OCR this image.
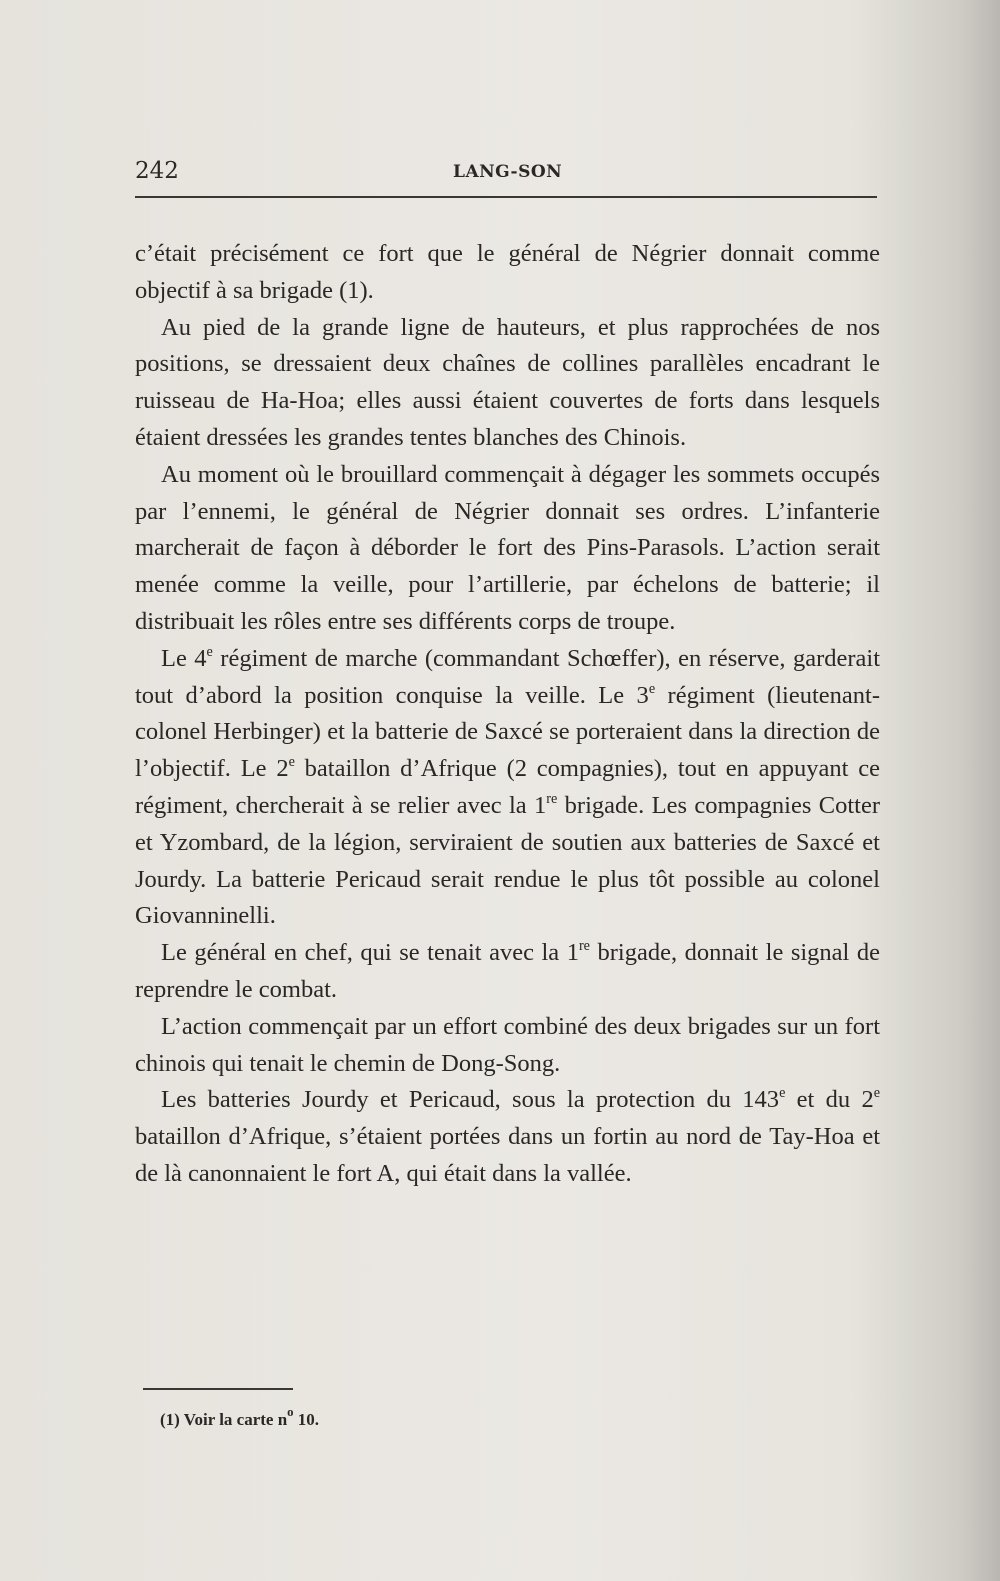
242	LANG-SON

c’était précisément ce fort que le général de Négrier donnait comme objectif à sa brigade (1).

Au pied de la grande ligne de hauteurs, et plus rapprochées de nos positions, se dressaient deux chaînes de collines parallèles encadrant le ruisseau de Ha-Hoa; elles aussi étaient couvertes de forts dans lesquels étaient dressées les grandes tentes blanches des Chinois.

Au moment où le brouillard commençait à dégager les sommets occupés par l’ennemi, le général de Négrier donnait ses ordres. L’infanterie marcherait de façon à déborder le fort des Pins-Parasols. L’action serait menée comme la veille, pour l’artillerie, par échelons de batterie; il distribuait les rôles entre ses différents corps de troupe.

Le 4e régiment de marche (commandant Schœffer), en réserve, garderait tout d’abord la position conquise la veille. Le 3e régiment (lieutenant-colonel Herbinger) et la batterie de Saxcé se porteraient dans la direction de l’objectif. Le 2e bataillon d’Afrique (2 compagnies), tout en appuyant ce régiment, chercherait à se relier avec la 1re brigade. Les compagnies Cotter et Yzombard, de la légion, serviraient de soutien aux batteries de Saxcé et Jourdy. La batterie Pericaud serait rendue le plus tôt possible au colonel Giovanninelli.

Le général en chef, qui se tenait avec la 1re brigade, donnait le signal de reprendre le combat.

L’action commençait par un effort combiné des deux brigades sur un fort chinois qui tenait le chemin de Dong-Song.

Les batteries Jourdy et Pericaud, sous la protection du 143e et du 2e bataillon d’Afrique, s’étaient portées dans un fortin au nord de Tay-Hoa et de là canonnaient le fort A, qui était dans la vallée.

(1) Voir la carte $n^o$ 10.
